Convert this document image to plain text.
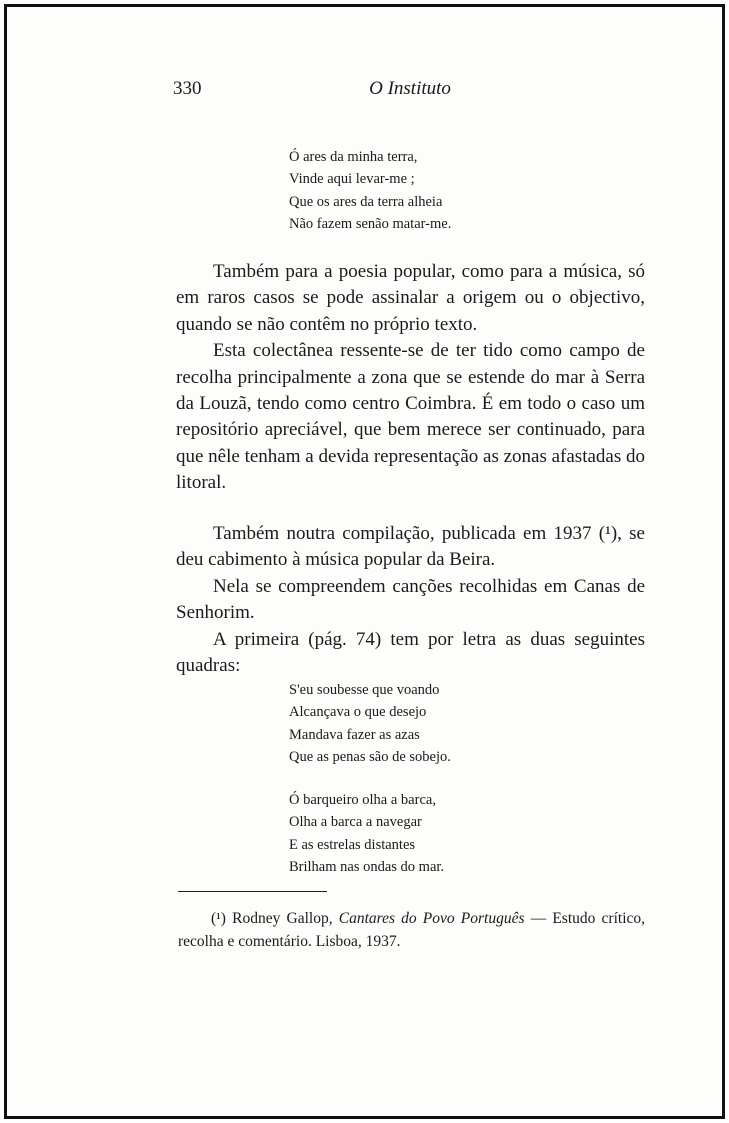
330	O Instituto
Ó ares da minha terra,
Vinde aqui levar-me ;
Que os ares da terra alheia
Não fazem senão matar-me.

Também para a poesia popular, como para a música, só em raros casos se pode assinalar a origem ou o objectivo, quando se não contêm no próprio texto.

Esta colectânea ressente-se de ter tido como campo de recolha principalmente a zona que se estende do mar à Serra da Louzã, tendo como centro Coimbra. É em todo o caso um repositório apreciável, que bem merece ser continuado, para que nêle tenham a devida representação as zonas afastadas do litoral.

Também noutra compilação, publicada em 1937 (¹), se deu cabimento à música popular da Beira.

Nela se compreendem canções recolhidas em Canas de Senhorim.

A primeira (pág. 74) tem por letra as duas seguintes quadras:

S'eu soubesse que voando
Alcançava o que desejo
Mandava fazer as azas
Que as penas são de sobejo.
Ó barqueiro olha a barca,
Olha a barca a navegar
E as estrelas distantes
Brilham nas ondas do mar.

(¹) Rodney Gallop, Cantares do Povo Português — Estudo crítico, recolha e comentário. Lisboa, 1937.
